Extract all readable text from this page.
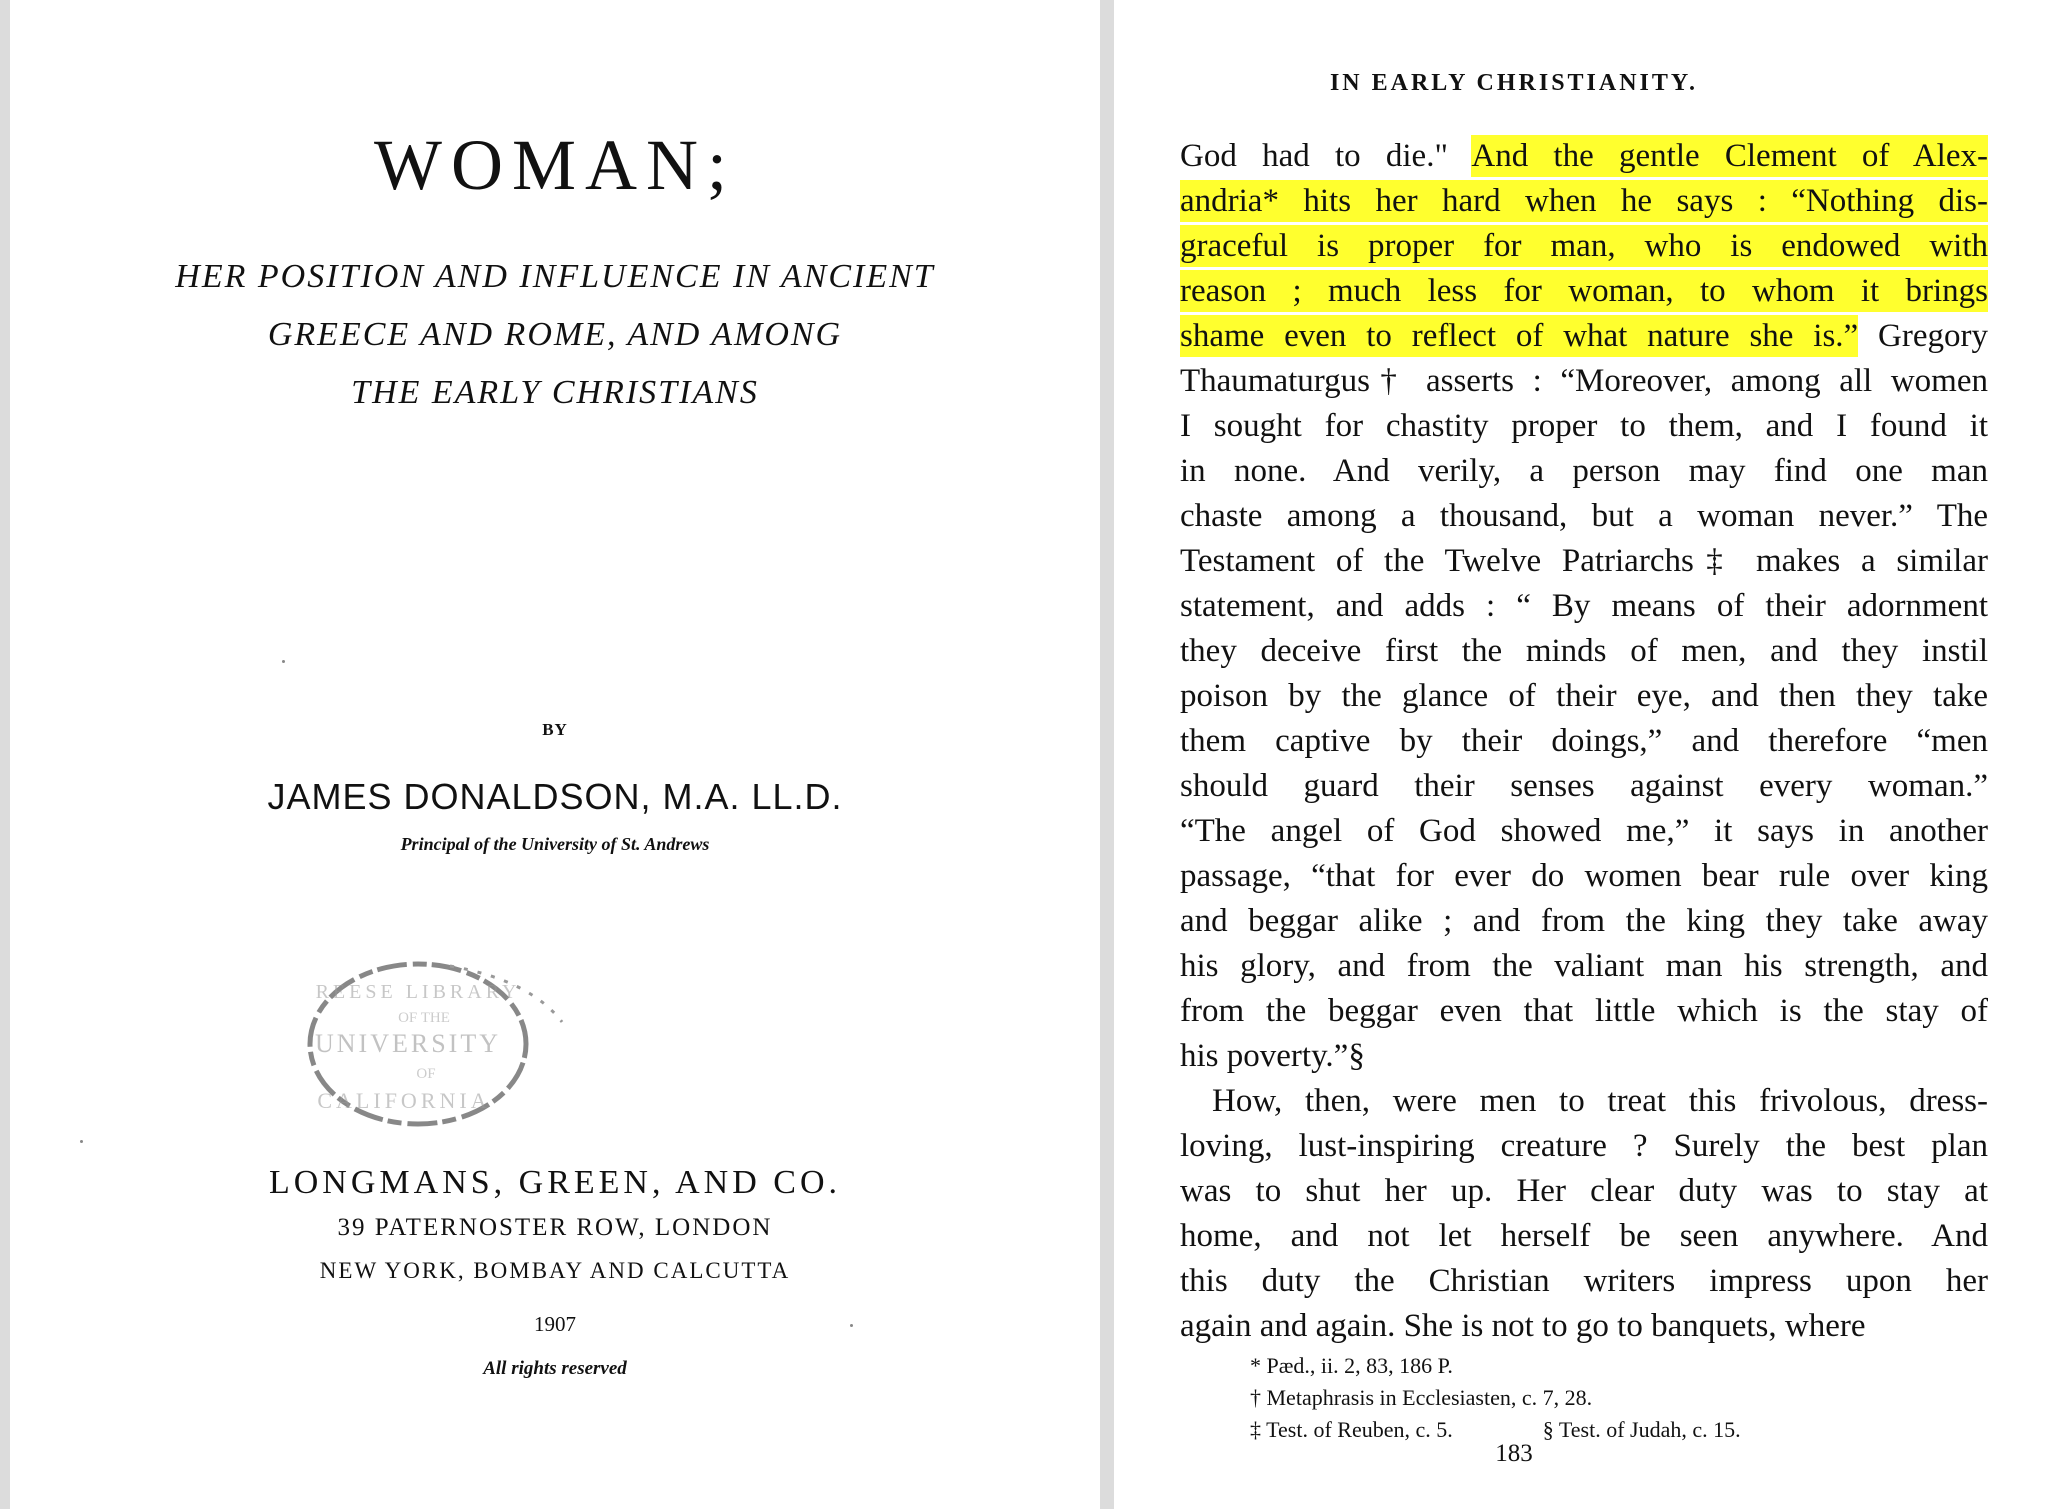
WOMAN;
HER POSITION AND INFLUENCE IN ANCIENT
GREECE AND ROME, AND AMONG
THE EARLY CHRISTIANS
BY
JAMES DONALDSON, M.A. LL.D.
Principal of the University of St. Andrews
REESE LIBRARY
OF THE
UNIVERSITY
OF
CALIFORNIA
LONGMANS, GREEN, AND CO.
39 PATERNOSTER ROW, LONDON
NEW YORK, BOMBAY AND CALCUTTA
1907
All rights reserved
IN EARLY CHRISTIANITY.
God had to die." And the gentle Clement of Alex-
andria* hits her hard when he says : “Nothing dis-
graceful is proper for man, who is endowed with
reason ; much less for woman, to whom it brings
shame even to reflect of what nature she is.” Gregory
Thaumaturgus† asserts : “Moreover, among all women
I sought for chastity proper to them, and I found it
in none. And verily, a person may find one man
chaste among a thousand, but a woman never.” The
Testament of the Twelve Patriarchs‡ makes a similar
statement, and adds : “ By means of their adornment
they deceive first the minds of men, and they instil
poison by the glance of their eye, and then they take
them captive by their doings,” and therefore “men
should guard their senses against every woman.”
“The angel of God showed me,” it says in another
passage, “that for ever do women bear rule over king
and beggar alike ; and from the king they take away
his glory, and from the valiant man his strength, and
from the beggar even that little which is the stay of
his poverty.”§
How, then, were men to treat this frivolous, dress-
loving, lust-inspiring creature ? Surely the best plan
was to shut her up. Her clear duty was to stay at
home, and not let herself be seen anywhere. And
this duty the Christian writers impress upon her
again and again. She is not to go to banquets, where
* Pæd., ii. 2, 83, 186 P.
† Metaphrasis in Ecclesiasten, c. 7, 28.
‡ Test. of Reuben, c. 5.	§ Test. of Judah, c. 15.
183
